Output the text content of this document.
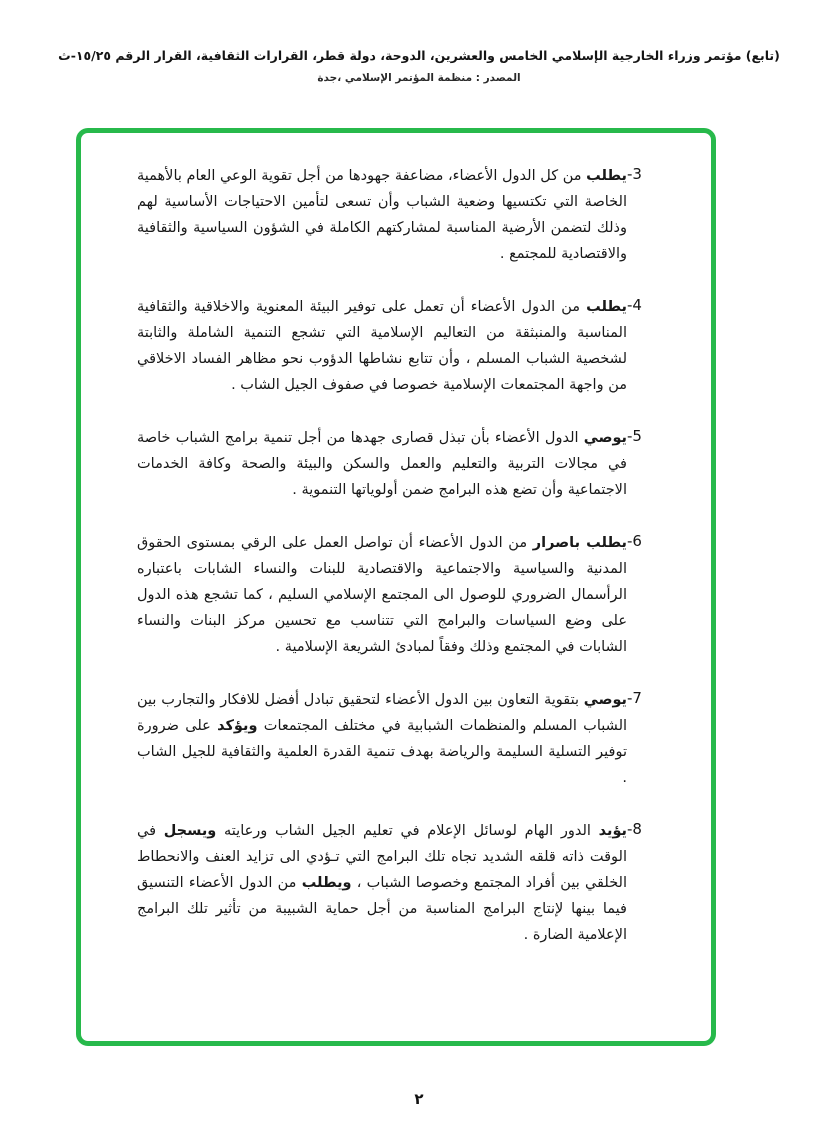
(تابع) مؤتمر وزراء الخارجية الإسلامي الخامس والعشرين، الدوحة، دولة قطر، القرارات الثقافية، القرار الرقم ١٥/٢٥-ث
المصدر : منظمة المؤتمر الإسلامي ،جدة
-3
يطلب من كل الدول الأعضاء، مضاعفة جهودها من أجل تقوية الوعي العام بالأهمية الخاصة التي تكتسيها وضعية الشباب وأن تسعى لتأمين الاحتياجات الأساسية لهم وذلك لتضمن الأرضية المناسبة لمشاركتهم الكاملة في الشؤون السياسية والثقافية والاقتصادية للمجتمع .
-4
يطلب من الدول الأعضاء أن تعمل على توفير البيئة المعنوية والاخلاقية والثقافية المناسبة والمنبثقة من التعاليم الإسلامية التي تشجع التنمية الشاملة والثابتة لشخصية الشباب المسلم ، وأن تتابع نشاطها الدؤوب نحو مظاهر الفساد الاخلاقي من واجهة المجتمعات الإسلامية خصوصا في صفوف الجيل الشاب .
-5
يوصي الدول الأعضاء بأن تبذل قصارى جهدها من أجل تنمية برامج الشباب خاصة في مجالات التربية والتعليم والعمل والسكن والبيئة والصحة وكافة الخدمات الاجتماعية وأن تضع هذه البرامج ضمن أولوياتها التنموية .
-6
يطلب باصرار من الدول الأعضاء أن تواصل العمل على الرقي بمستوى الحقوق المدنية والسياسية والاجتماعية والاقتصادية للبنات والنساء الشابات باعتباره الرأسمال الضروري للوصول الى المجتمع الإسلامي السليم ، كما تشجع هذه الدول على وضع السياسات والبرامج التي تتناسب مع تحسين مركز البنات والنساء الشابات في المجتمع وذلك وفقاً لمبادئ الشريعة الإسلامية .
-7
يوصي بتقوية التعاون بين الدول الأعضاء لتحقيق تبادل أفضل للافكار والتجارب بين الشباب المسلم والمنظمات الشبابية في مختلف المجتمعات ويؤكد على ضرورة توفير التسلية السليمة والرياضة بهدف تنمية القدرة العلمية والثقافية للجيل الشاب .
-8
يؤيد الدور الهام لوسائل الإعلام في تعليم الجيل الشاب ورعايته ويسجل في الوقت ذاته قلقه الشديد تجاه تلك البرامج التي تـؤدي الى تزايد العنف والانحطاط الخلقي بين أفراد المجتمع وخصوصا الشباب ، ويطلب من الدول الأعضاء التنسيق فيما بينها لإنتاج البرامج المناسبة من أجل حماية الشبيبة من تأثير تلك البرامج الإعلامية الضارة .
٢
